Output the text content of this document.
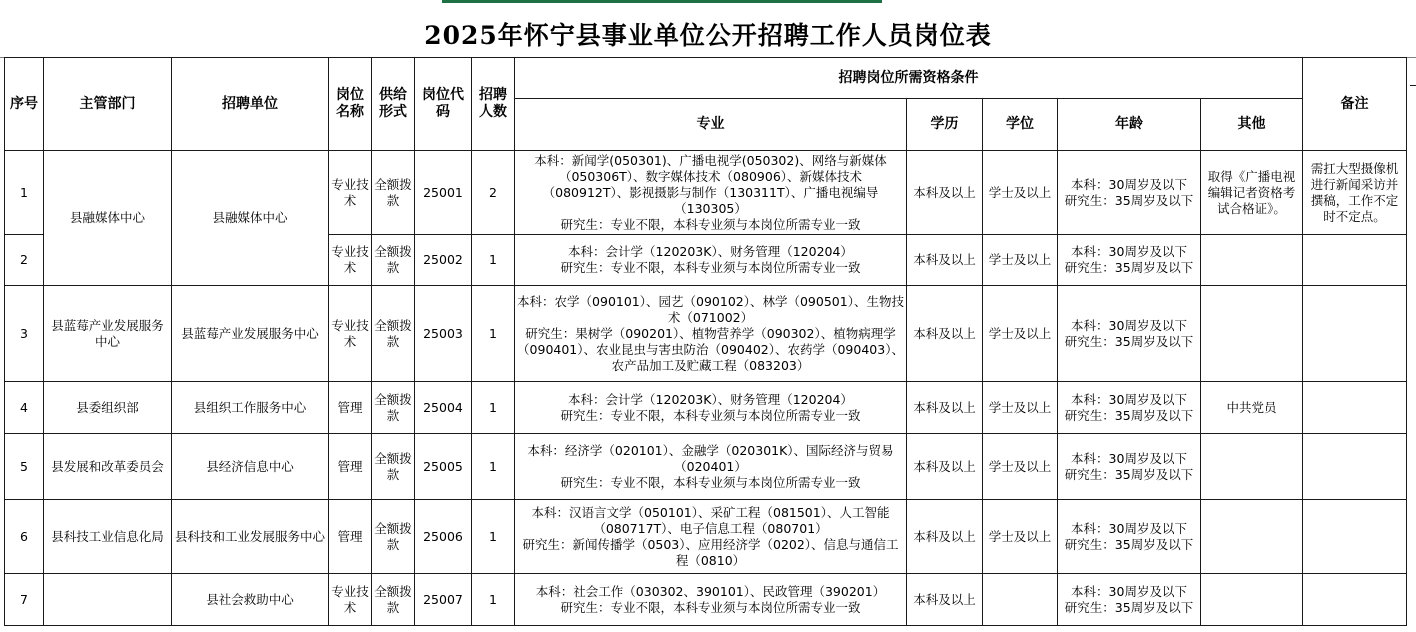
2025年怀宁县事业单位公开招聘工作人员岗位表
序号	主管部门	招聘单位	岗位名称	供给形式	岗位代码	招聘人数	招聘岗位所需资格条件					备注
							专业	学历	学位	年龄	其他	
1	县融媒体中心	县融媒体中心	专业技术	全额拨款	25001	2	本科：新闻学(050301)、广播电视学(050302)、网络与新媒体（050306T）、数字媒体技术（080906）、新媒体技术（080912T）、影视摄影与制作（130311T）、广播电视编导（130305）
研究生：专业不限，本科专业须与本岗位所需专业一致	本科及以上	学士及以上	本科：30周岁及以下
研究生：35周岁及以下	取得《广播电视编辑记者资格考试合格证》。	需扛大型摄像机进行新闻采访并撰稿，工作不定时不定点。
2			专业技术	全额拨款	25002	1	本科：会计学（120203K）、财务管理（120204）
研究生：专业不限，本科专业须与本岗位所需专业一致	本科及以上	学士及以上	本科：30周岁及以下
研究生：35周岁及以下		
3	县蓝莓产业发展服务中心	县蓝莓产业发展服务中心	专业技术	全额拨款	25003	1	本科：农学（090101）、园艺（090102）、林学（090501）、生物技术（071002）
研究生：果树学（090201）、植物营养学（090302）、植物病理学（090401）、农业昆虫与害虫防治（090402）、农药学（090403）、农产品加工及贮藏工程（083203）	本科及以上	学士及以上	本科：30周岁及以下
研究生：35周岁及以下		
4	县委组织部	县组织工作服务中心	管理	全额拨款	25004	1	本科：会计学（120203K）、财务管理（120204）
研究生：专业不限，本科专业须与本岗位所需专业一致	本科及以上	学士及以上	本科：30周岁及以下
研究生：35周岁及以下	中共党员	
5	县发展和改革委员会	县经济信息中心	管理	全额拨款	25005	1	本科：经济学（020101）、金融学（020301K）、国际经济与贸易（020401）
研究生：专业不限，本科专业须与本岗位所需专业一致	本科及以上	学士及以上	本科：30周岁及以下
研究生：35周岁及以下		
6	县科技工业信息化局	县科技和工业发展服务中心	管理	全额拨款	25006	1	本科：汉语言文学（050101）、采矿工程（081501）、人工智能（080717T）、电子信息工程（080701）
研究生：新闻传播学（0503）、应用经济学（0202）、信息与通信工程（0810）	本科及以上	学士及以上	本科：30周岁及以下
研究生：35周岁及以下		
7		县社会救助中心	专业技术	全额拨款	25007	1	本科：社会工作（030302、390101）、民政管理（390201）
研究生：专业不限，本科专业须与本岗位所需专业一致	本科及以上		本科：30周岁及以下
研究生：35周岁及以下		
